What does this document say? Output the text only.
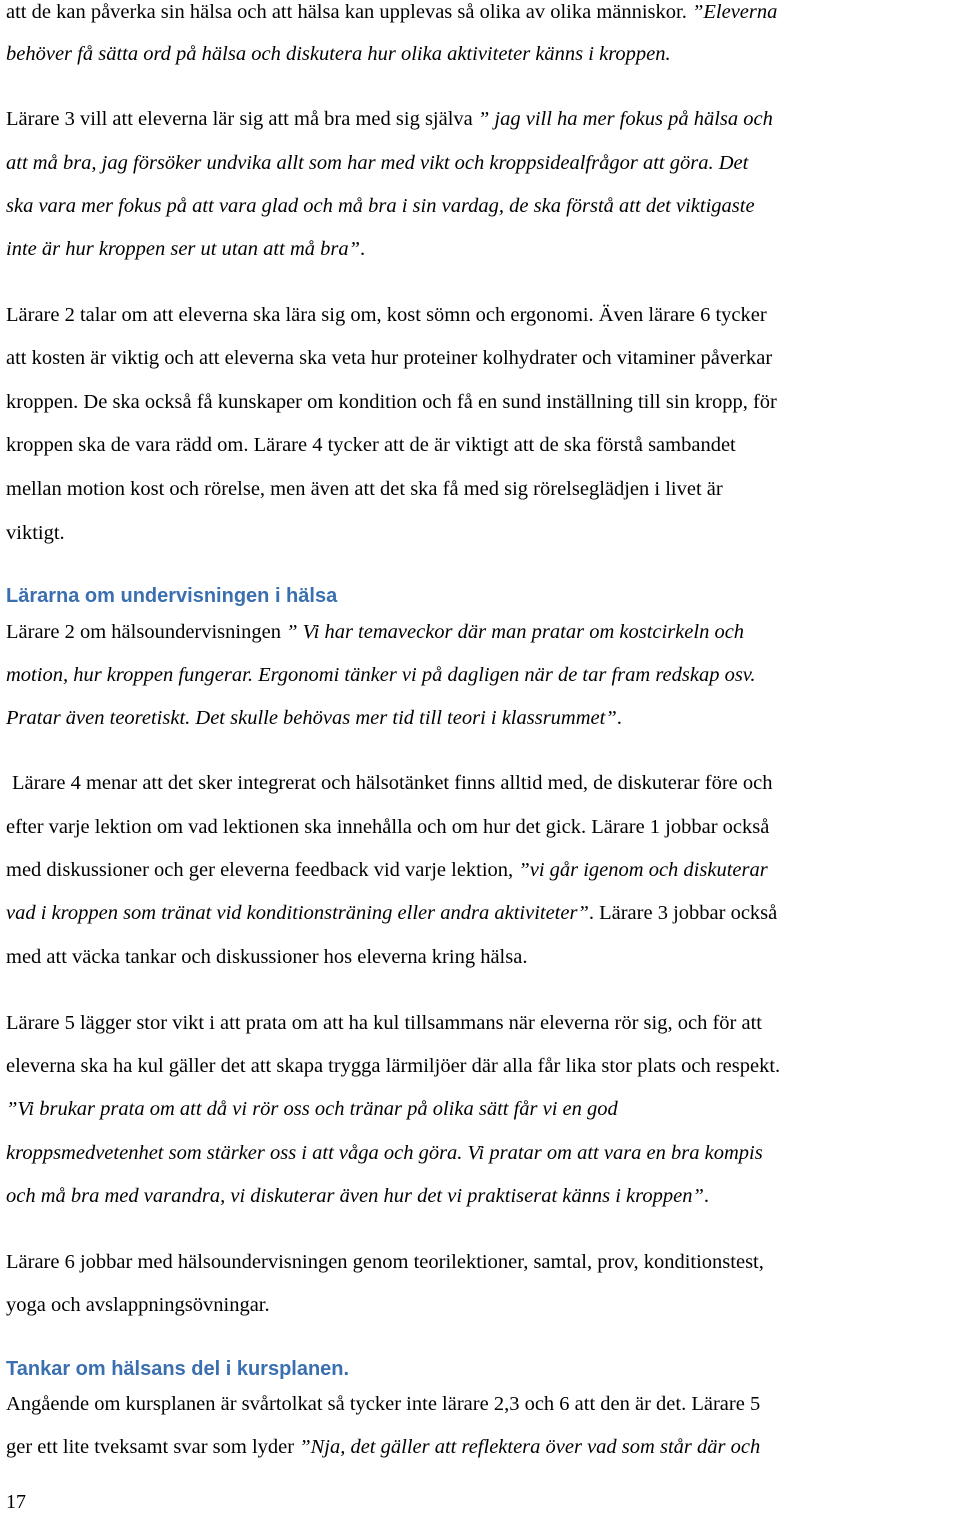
att de kan påverka sin hälsa och att hälsa kan upplevas så olika av olika människor. ”Eleverna
behöver få sätta ord på hälsa och diskutera hur olika aktiviteter känns i kroppen.
Lärare 3 vill att eleverna lär sig att må bra med sig själva ” jag vill ha mer fokus på hälsa och
att må bra, jag försöker undvika allt som har med vikt och kroppsidealfrågor att göra. Det
ska vara mer fokus på att vara glad och må bra i sin vardag, de ska förstå att det viktigaste
inte är hur kroppen ser ut utan att må bra”.
Lärare 2 talar om att eleverna ska lära sig om, kost sömn och ergonomi. Även lärare 6 tycker
att kosten är viktig och att eleverna ska veta hur proteiner kolhydrater och vitaminer påverkar
kroppen. De ska också få kunskaper om kondition och få en sund inställning till sin kropp, för
kroppen ska de vara rädd om. Lärare 4 tycker att de är viktigt att de ska förstå sambandet
mellan motion kost och rörelse, men även att det ska få med sig rörelseglädjen i livet är
viktigt.
Lärarna om undervisningen i hälsa
Lärare 2 om hälsoundervisningen ” Vi har temaveckor där man pratar om kostcirkeln och
motion, hur kroppen fungerar. Ergonomi tänker vi på dagligen när de tar fram redskap osv.
Pratar även teoretiskt. Det skulle behövas mer tid till teori i klassrummet”.
Lärare 4 menar att det sker integrerat och hälsotänket finns alltid med, de diskuterar före och
efter varje lektion om vad lektionen ska innehålla och om hur det gick. Lärare 1 jobbar också
med diskussioner och ger eleverna feedback vid varje lektion, ”vi går igenom och diskuterar
vad i kroppen som tränat vid konditionsträning eller andra aktiviteter”. Lärare 3 jobbar också
med att väcka tankar och diskussioner hos eleverna kring hälsa.
Lärare 5 lägger stor vikt i att prata om att ha kul tillsammans när eleverna rör sig, och för att
eleverna ska ha kul gäller det att skapa trygga lärmiljöer där alla får lika stor plats och respekt.
”Vi brukar prata om att då vi rör oss och tränar på olika sätt får vi en god
kroppsmedvetenhet som stärker oss i att våga och göra. Vi pratar om att vara en bra kompis
och må bra med varandra, vi diskuterar även hur det vi praktiserat känns i kroppen”.
Lärare 6 jobbar med hälsoundervisningen genom teorilektioner, samtal, prov, konditionstest,
yoga och avslappningsövningar.
Tankar om hälsans del i kursplanen.
Angående om kursplanen är svårtolkat så tycker inte lärare 2,3 och 6 att den är det. Lärare 5
ger ett lite tveksamt svar som lyder ”Nja, det gäller att reflektera över vad som står där och
17
